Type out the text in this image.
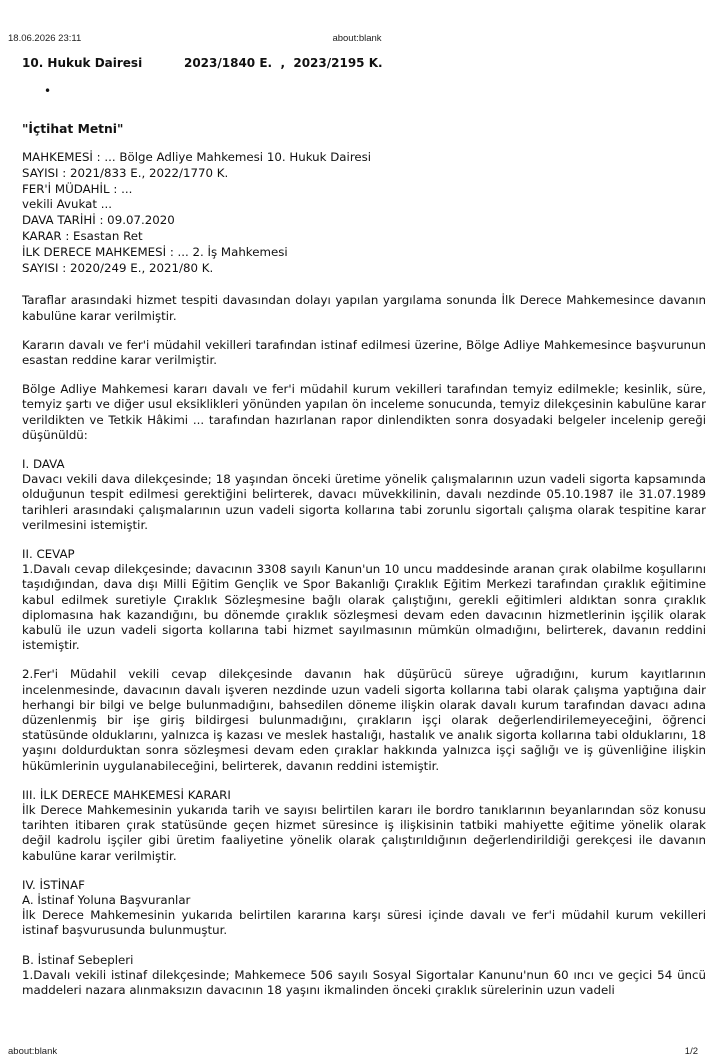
18.06.2026 23:11	about:blank
10. Hukuk Dairesi	2023/1840 E.  ,  2023/2195 K.
•
"İçtihat Metni"
MAHKEMESİ : ... Bölge Adliye Mahkemesi 10. Hukuk Dairesi
SAYISI : 2021/833 E., 2022/1770 K.
FER'İ MÜDAHİL : ...
vekili Avukat ...
DAVA TARİHİ : 09.07.2020
KARAR : Esastan Ret
İLK DERECE MAHKEMESİ : ... 2. İş Mahkemesi
SAYISI : 2020/249 E., 2021/80 K.

Taraflar arasındaki hizmet tespiti davasından dolayı yapılan yargılama sonunda İlk Derece Mahkemesince davanın kabulüne karar verilmiştir.

Kararın davalı ve fer'i müdahil vekilleri tarafından istinaf edilmesi üzerine, Bölge Adliye Mahkemesince başvurunun esastan reddine karar verilmiştir.

Bölge Adliye Mahkemesi kararı davalı ve fer'i müdahil kurum vekilleri tarafından temyiz edilmekle; kesinlik, süre, temyiz şartı ve diğer usul eksiklikleri yönünden yapılan ön inceleme sonucunda, temyiz dilekçesinin kabulüne karar verildikten ve Tetkik Hâkimi ... tarafından hazırlanan rapor dinlendikten sonra dosyadaki belgeler incelenip gereği düşünüldü:

I. DAVA

Davacı vekili dava dilekçesinde; 18 yaşından önceki üretime yönelik çalışmalarının uzun vadeli sigorta kapsamında olduğunun tespit edilmesi gerektiğini belirterek, davacı müvekkilinin, davalı nezdinde 05.10.1987 ile 31.07.1989 tarihleri arasındaki çalışmalarının uzun vadeli sigorta kollarına tabi zorunlu sigortalı çalışma olarak tespitine karar verilmesini istemiştir.

II. CEVAP

1.Davalı cevap dilekçesinde; davacının 3308 sayılı Kanun'un 10 uncu maddesinde aranan çırak olabilme koşullarını taşıdığından, dava dışı Milli Eğitim Gençlik ve Spor Bakanlığı Çıraklık Eğitim Merkezi tarafından çıraklık eğitimine kabul edilmek suretiyle Çıraklık Sözleşmesine bağlı olarak çalıştığını, gerekli eğitimleri aldıktan sonra çıraklık diplomasına hak kazandığını, bu dönemde çıraklık sözleşmesi devam eden davacının hizmetlerinin işçilik olarak kabulü ile uzun vadeli sigorta kollarına tabi hizmet sayılmasının mümkün olmadığını, belirterek, davanın reddini istemiştir.

2.Fer'i Müdahil vekili cevap dilekçesinde davanın hak düşürücü süreye uğradığını, kurum kayıtlarının incelenmesinde, davacının davalı işveren nezdinde uzun vadeli sigorta kollarına tabi olarak çalışma yaptığına dair herhangi bir bilgi ve belge bulunmadığını, bahsedilen döneme ilişkin olarak davalı kurum tarafından davacı adına düzenlenmiş bir işe giriş bildirgesi bulunmadığını, çırakların işçi olarak değerlendirilemeyeceğini, öğrenci statüsünde olduklarını, yalnızca iş kazası ve meslek hastalığı, hastalık ve analık sigorta kollarına tabi olduklarını, 18 yaşını doldurduktan sonra sözleşmesi devam eden çıraklar hakkında yalnızca işçi sağlığı ve iş güvenliğine ilişkin hükümlerinin uygulanabileceğini, belirterek, davanın reddini istemiştir.

III. İLK DERECE MAHKEMESİ KARARI

İlk Derece Mahkemesinin yukarıda tarih ve sayısı belirtilen kararı ile bordro tanıklarının beyanlarından söz konusu tarihten itibaren çırak statüsünde geçen hizmet süresince iş ilişkisinin tatbiki mahiyette eğitime yönelik olarak değil kadrolu işçiler gibi üretim faaliyetine yönelik olarak çalıştırıldığının değerlendirildiği gerekçesi ile davanın kabulüne karar verilmiştir.

IV. İSTİNAF

A. İstinaf Yoluna Başvuranlar

İlk Derece Mahkemesinin yukarıda belirtilen kararına karşı süresi içinde davalı ve fer'i müdahil kurum vekilleri istinaf başvurusunda bulunmuştur.

B. İstinaf Sebepleri

1.Davalı vekili istinaf dilekçesinde; Mahkemece 506 sayılı Sosyal Sigortalar Kanunu'nun 60 ıncı ve geçici 54 üncü maddeleri nazara alınmaksızın davacının 18 yaşını ikmalinden önceki çıraklık sürelerinin uzun vadeli

about:blank	1/2
